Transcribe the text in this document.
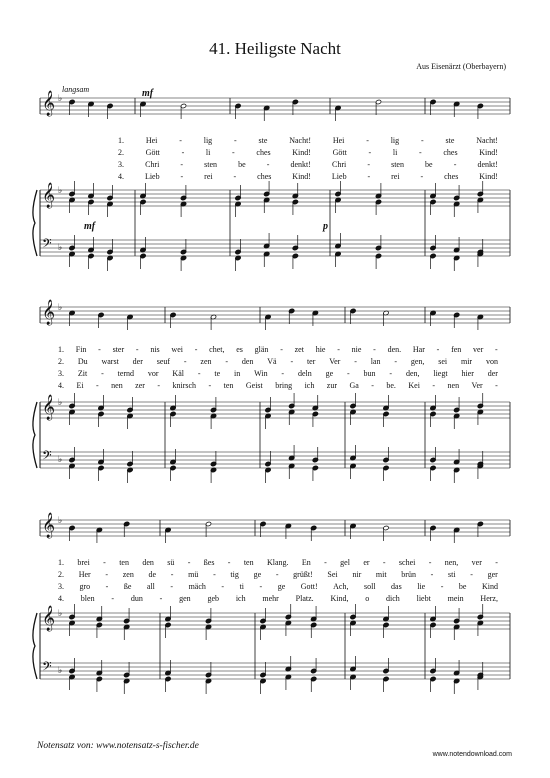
41. Heiligste Nacht
Aus Eisenärzt (Oberbayern)
langsam	mf
mf	p
𝄞 ♭
𝄞 ♭
𝄢 ♭
𝄞 ♭
𝄞 ♭
𝄢 ♭
𝄞 ♭
𝄞 ♭
𝄢 ♭
1.	Hei	-	lig	-	ste	Nacht!	Hei	-	lig	-	ste	Nacht!
2.	Gött	-	li	-	ches	Kind!	Gött	-	li	-	ches	Kind!
3.	Chri	-	sten	be	-	denkt!	Chri	-	sten	be	-	denkt!
4.	Lieb	-	rei	-	ches	Kind!	Lieb	-	rei	-	ches	Kind!
1. Fin - ster - nis wei - chet, es glän - zet hie - nie - den. Har - fen ver -
2. Du warst der seuf - zen - den Vä - ter Ver - lan - gen, sei mir von
3. Zit - ternd vor Käl - te in Win - deln ge - bun - den, liegt hier der
4. Ei - nen zer - knirsch - ten Geist bring ich zur Ga - be. Kei - nen Ver -
1. brei - ten den sü - ßes - ten Klang. En - gel er - schei - nen, ver -
2. Her - zen de - mü - tig ge - grüßt! Sei nir mit brün - sti - ger
3. gro - ße all - mäch - ti - ge Gott! Ach, soll das lie - be Kind
4. blen - dun - gen geb ich mehr Platz. Kind, o dich liebt mein Herz,
Notensatz von: www.notensatz-s-fischer.de
www.notendownload.com
